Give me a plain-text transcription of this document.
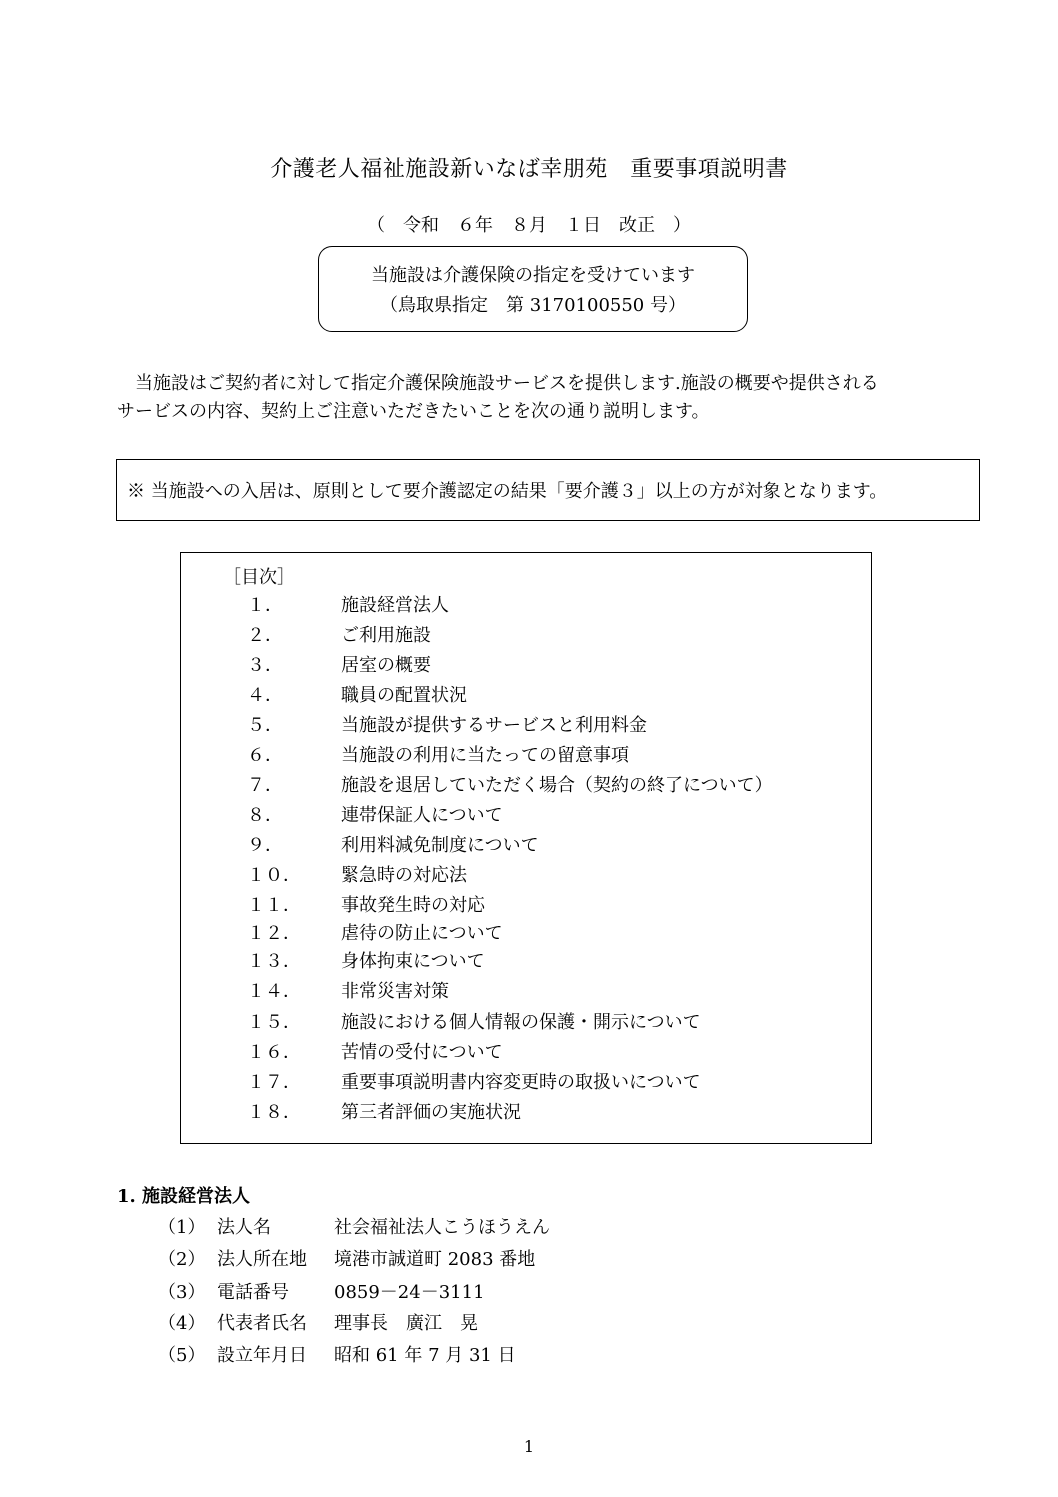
介護老人福祉施設新いなば幸朋苑　重要事項説明書
（　令和　６年　８月　１日　改正　）
当施設は介護保険の指定を受けています
（鳥取県指定　第 3170100550 号）
　当施設はご契約者に対して指定介護保険施設サービスを提供します.施設の概要や提供される
サービスの内容、契約上ご注意いただきたいことを次の通り説明します。
※ 当施設への入居は、原則として要介護認定の結果「要介護３」以上の方が対象となります。
［目次］
１．	施設経営法人
２．	ご利用施設
３．	居室の概要
４．	職員の配置状況
５．	当施設が提供するサービスと利用料金
６．	当施設の利用に当たっての留意事項
７．	施設を退居していただく場合（契約の終了について）
８．	連帯保証人について
９．	利用料減免制度について
１０． 緊急時の対応法
１１． 事故発生時の対応
１２． 虐待の防止について
１３． 身体拘束について
１４． 非常災害対策
１５． 施設における個人情報の保護・開示について
１６． 苦情の受付について
１７． 重要事項説明書内容変更時の取扱いについて
１８． 第三者評価の実施状況
1. 施設経営法人
（1） 法人名	社会福祉法人こうほうえん
（2） 法人所在地 境港市誠道町 2083 番地
（3） 電話番号	0859－24－3111
（4） 代表者氏名 理事長　廣江　晃
（5） 設立年月日 昭和 61 年 7 月 31 日
1
